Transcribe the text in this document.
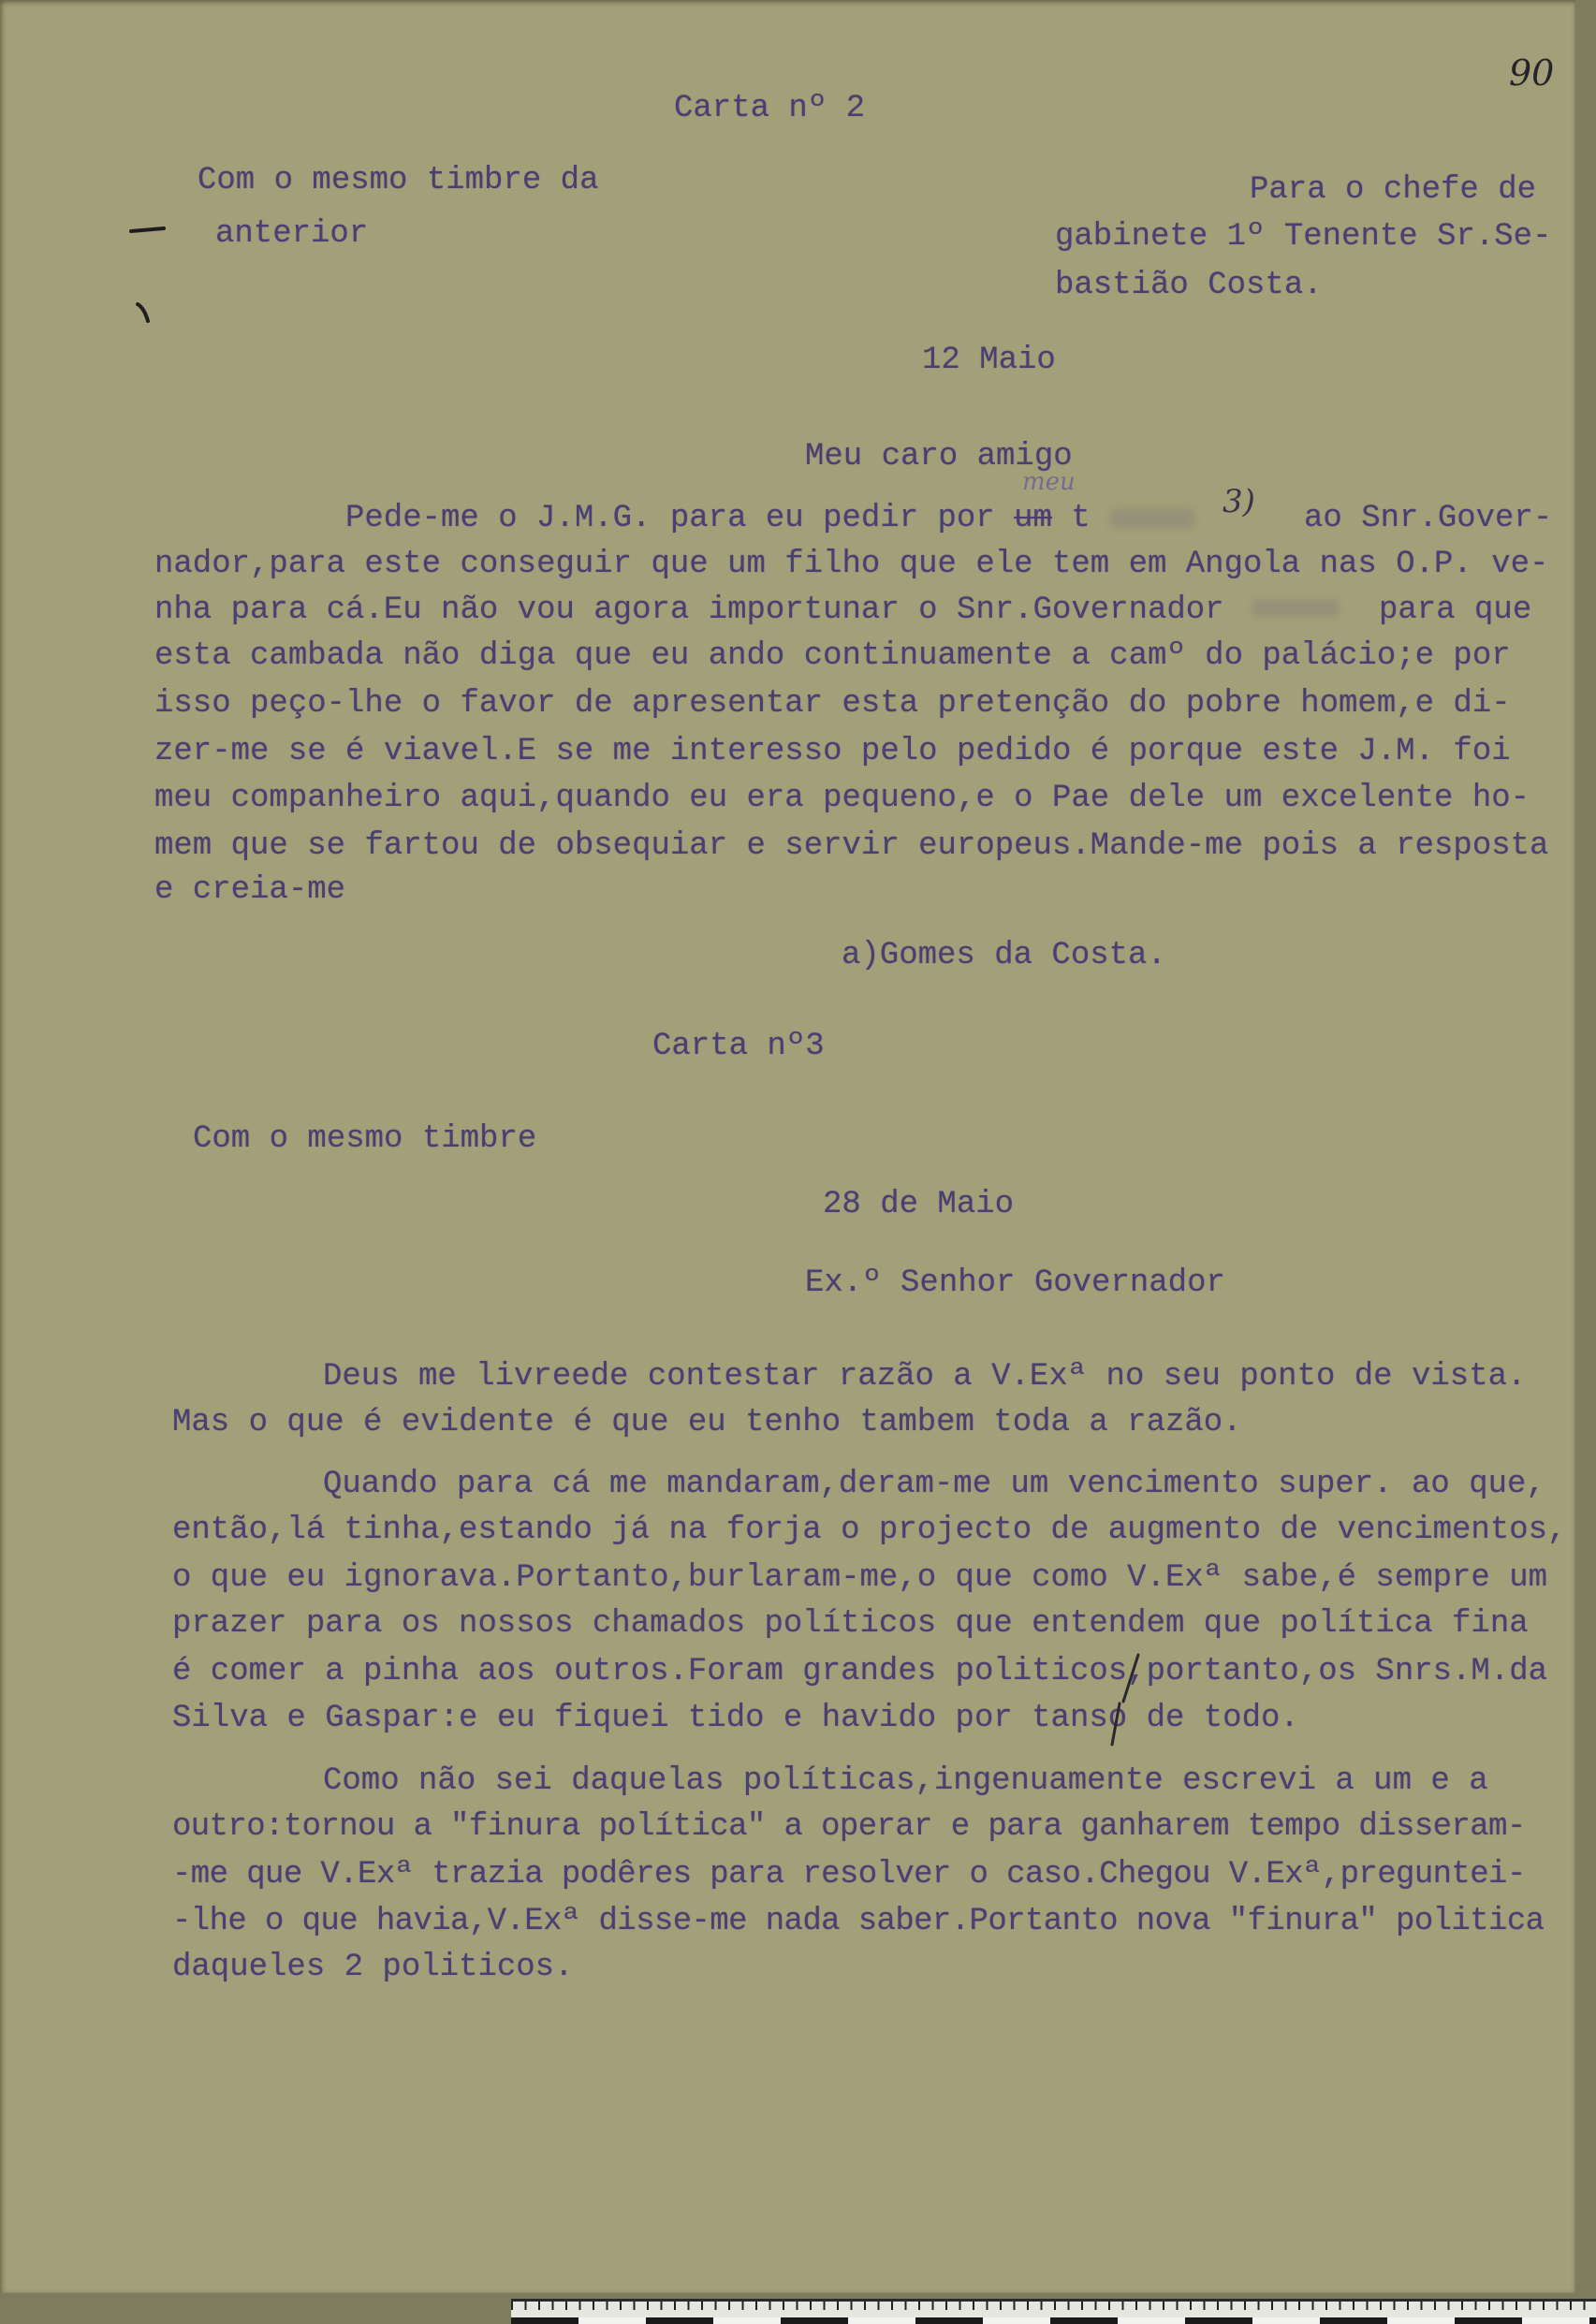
90
Carta nº 2
Com o mesmo timbre da
anterior
Para o chefe de
gabinete 1º Tenente Sr.Se-
bastião Costa.
12 Maio
Meu caro amigo
meu
Pede-me o J.M.G. para eu pedir por um t	3) ao Snr.Gover-
nador,para este conseguir que um filho que ele tem em Angola nas O.P. ve-
nha para cá.Eu não vou agora importunar o Snr.Governador	para que
esta cambada não diga que eu ando continuamente a camº do palácio;e por
isso peço-lhe o favor de apresentar esta pretenção do pobre homem,e di-
zer-me se é viavel.E se me interesso pelo pedido é porque este J.M. foi
meu companheiro aqui,quando eu era pequeno,e o Pae dele um excelente ho-
mem que se fartou de obsequiar e servir europeus.Mande-me pois a resposta
e creia-me
a)Gomes da Costa.
Carta nº3
Com o mesmo timbre
28 de Maio
Ex.º Senhor Governador
Deus me livreede contestar razão a V.Exª no seu ponto de vista.
Mas o que é evidente é que eu tenho tambem toda a razão.
Quando para cá me mandaram,deram-me um vencimento super. ao que,
então,lá tinha,estando já na forja o projecto de augmento de vencimentos,
o que eu ignorava.Portanto,burlaram-me,o que como V.Exª sabe,é sempre um
prazer para os nossos chamados políticos que entendem que política fina
é comer a pinha aos outros.Foram grandes politicos,portanto,os Snrs.M.da
Silva e Gaspar:e eu fiquei tido e havido por tanso de todo.
Como não sei daquelas políticas,ingenuamente escrevi a um e a
outro:tornou a "finura política" a operar e para ganharem tempo disseram-
-me que V.Exª trazia podêres para resolver o caso.Chegou V.Exª,preguntei-
-lhe o que havia,V.Exª disse-me nada saber.Portanto nova "finura" politica
daqueles 2 politicos.
